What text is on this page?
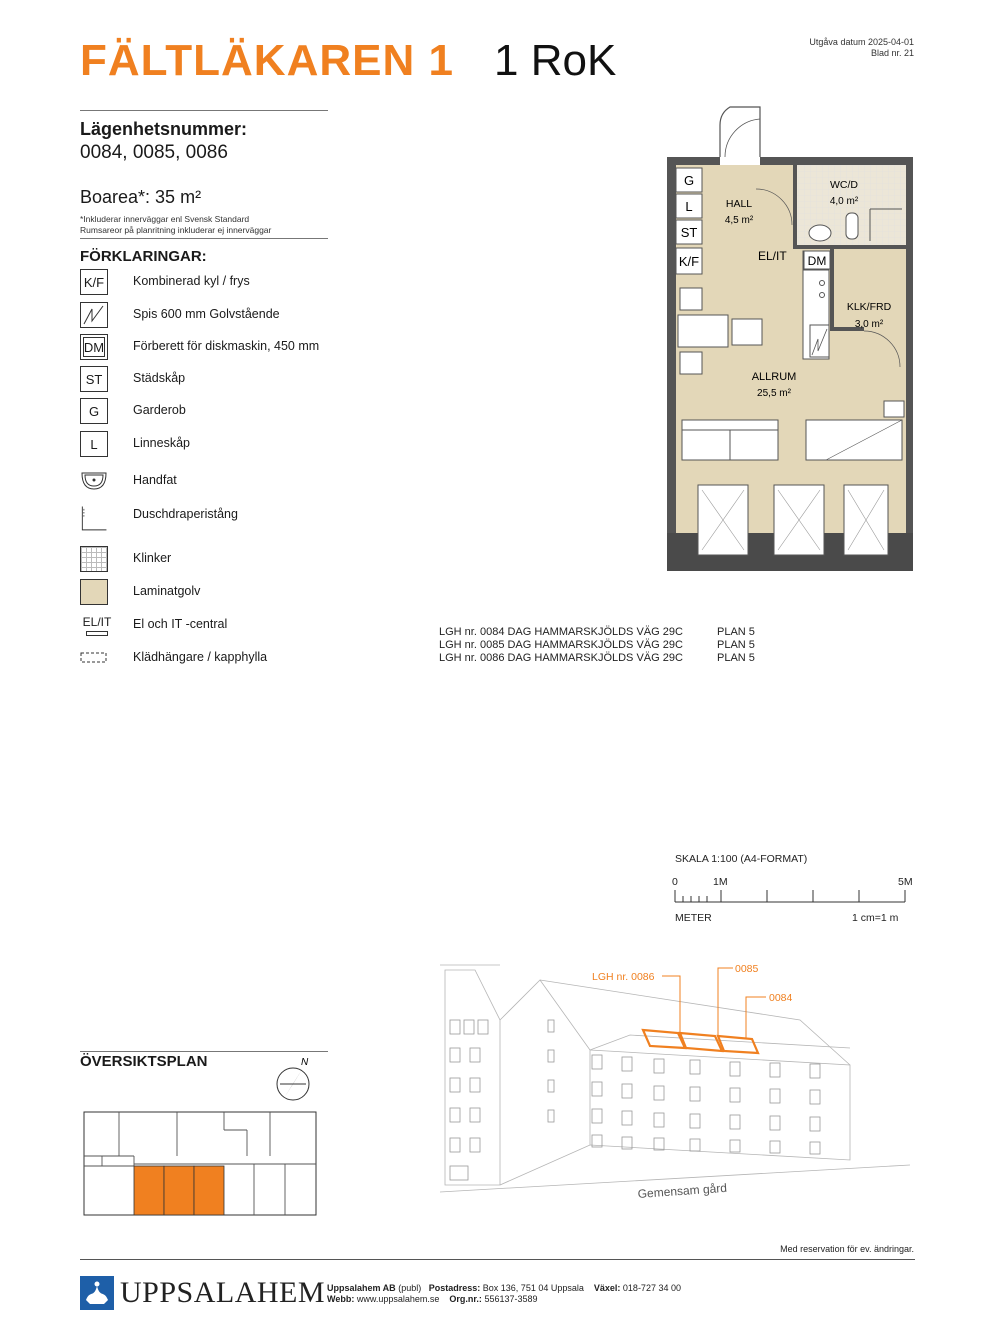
FÄLTLÄKAREN 1 1 RoK	Utgåva datum 2025-04-01
Blad nr. 21
Lägenhetsnummer:
0084, 0085, 0086
Boarea*: 35 m²
*Inkluderar innerväggar enl Svensk Standard
Rumsareor på planritning inkluderar ej innerväggar
FÖRKLARINGAR:
K/F	Kombinerad kyl / frys
Spis 600 mm Golvstående
DM	Förberett för diskmaskin, 450 mm
ST	Städskåp
G	Garderob
L	Linneskåp
Handfat
Duschdraperistång
Klinker
Laminatgolv
EL/IT El och IT -central
Klädhängare / kapphylla
G
L
ST
K/F
HALL
4,5 m²
WC/D
4,0 m²
KLK/FRD
3,0 m²
ALLRUM
25,5 m²
EL/IT DM
LGH nr. 0084 DAG HAMMARSKJÖLDS VÄG 29C	PLAN 5
LGH nr. 0085 DAG HAMMARSKJÖLDS VÄG 29C	PLAN 5
LGH nr. 0086 DAG HAMMARSKJÖLDS VÄG 29C	PLAN 5
SKALA 1:100 (A4-FORMAT)
0	1M	5M
METER	1 cm=1 m
LGH nr. 0086
0085
0084
Gemensam gård
ÖVERSIKTSPLAN	N
Med reservation för ev. ändringar.
UPPSALAHEM Uppsalahem AB (publ) Postadress: Box 136, 751 04 Uppsala Växel: 018-727 34 00
Webb: www.uppsalahem.se Org.nr.: 556137-3589
